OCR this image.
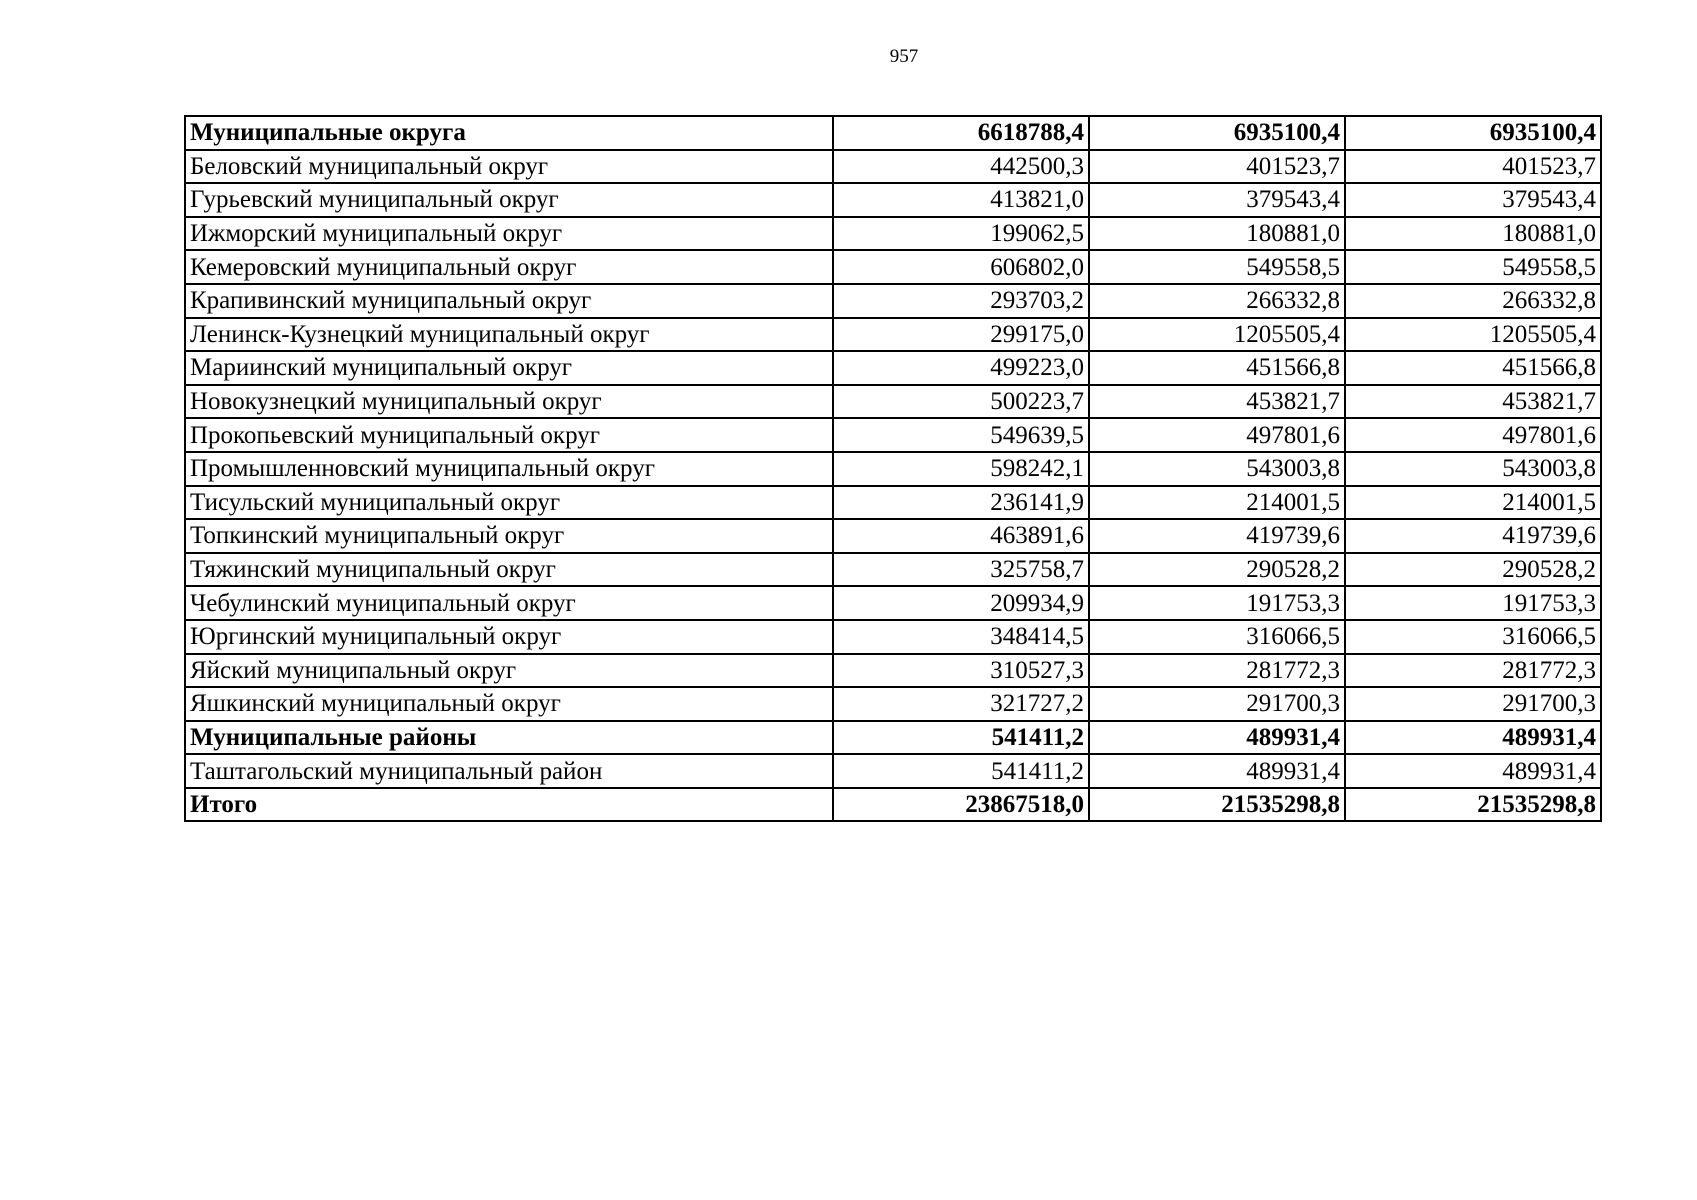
957
Муниципальные округа	6618788,4	6935100,4	6935100,4
Беловский муниципальный округ	442500,3	401523,7	401523,7
Гурьевский муниципальный округ	413821,0	379543,4	379543,4
Ижморский муниципальный округ	199062,5	180881,0	180881,0
Кемеровский муниципальный округ	606802,0	549558,5	549558,5
Крапивинский муниципальный округ	293703,2	266332,8	266332,8
Ленинск-Кузнецкий муниципальный округ	299175,0	1205505,4	1205505,4
Мариинский муниципальный округ	499223,0	451566,8	451566,8
Новокузнецкий муниципальный округ	500223,7	453821,7	453821,7
Прокопьевский муниципальный округ	549639,5	497801,6	497801,6
Промышленновский муниципальный округ	598242,1	543003,8	543003,8
Тисульский муниципальный округ	236141,9	214001,5	214001,5
Топкинский муниципальный округ	463891,6	419739,6	419739,6
Тяжинский муниципальный округ	325758,7	290528,2	290528,2
Чебулинский муниципальный округ	209934,9	191753,3	191753,3
Юргинский муниципальный округ	348414,5	316066,5	316066,5
Яйский муниципальный округ	310527,3	281772,3	281772,3
Яшкинский муниципальный округ	321727,2	291700,3	291700,3
Муниципальные районы	541411,2	489931,4	489931,4
Таштагольский муниципальный район	541411,2	489931,4	489931,4
Итого	23867518,0	21535298,8	21535298,8
